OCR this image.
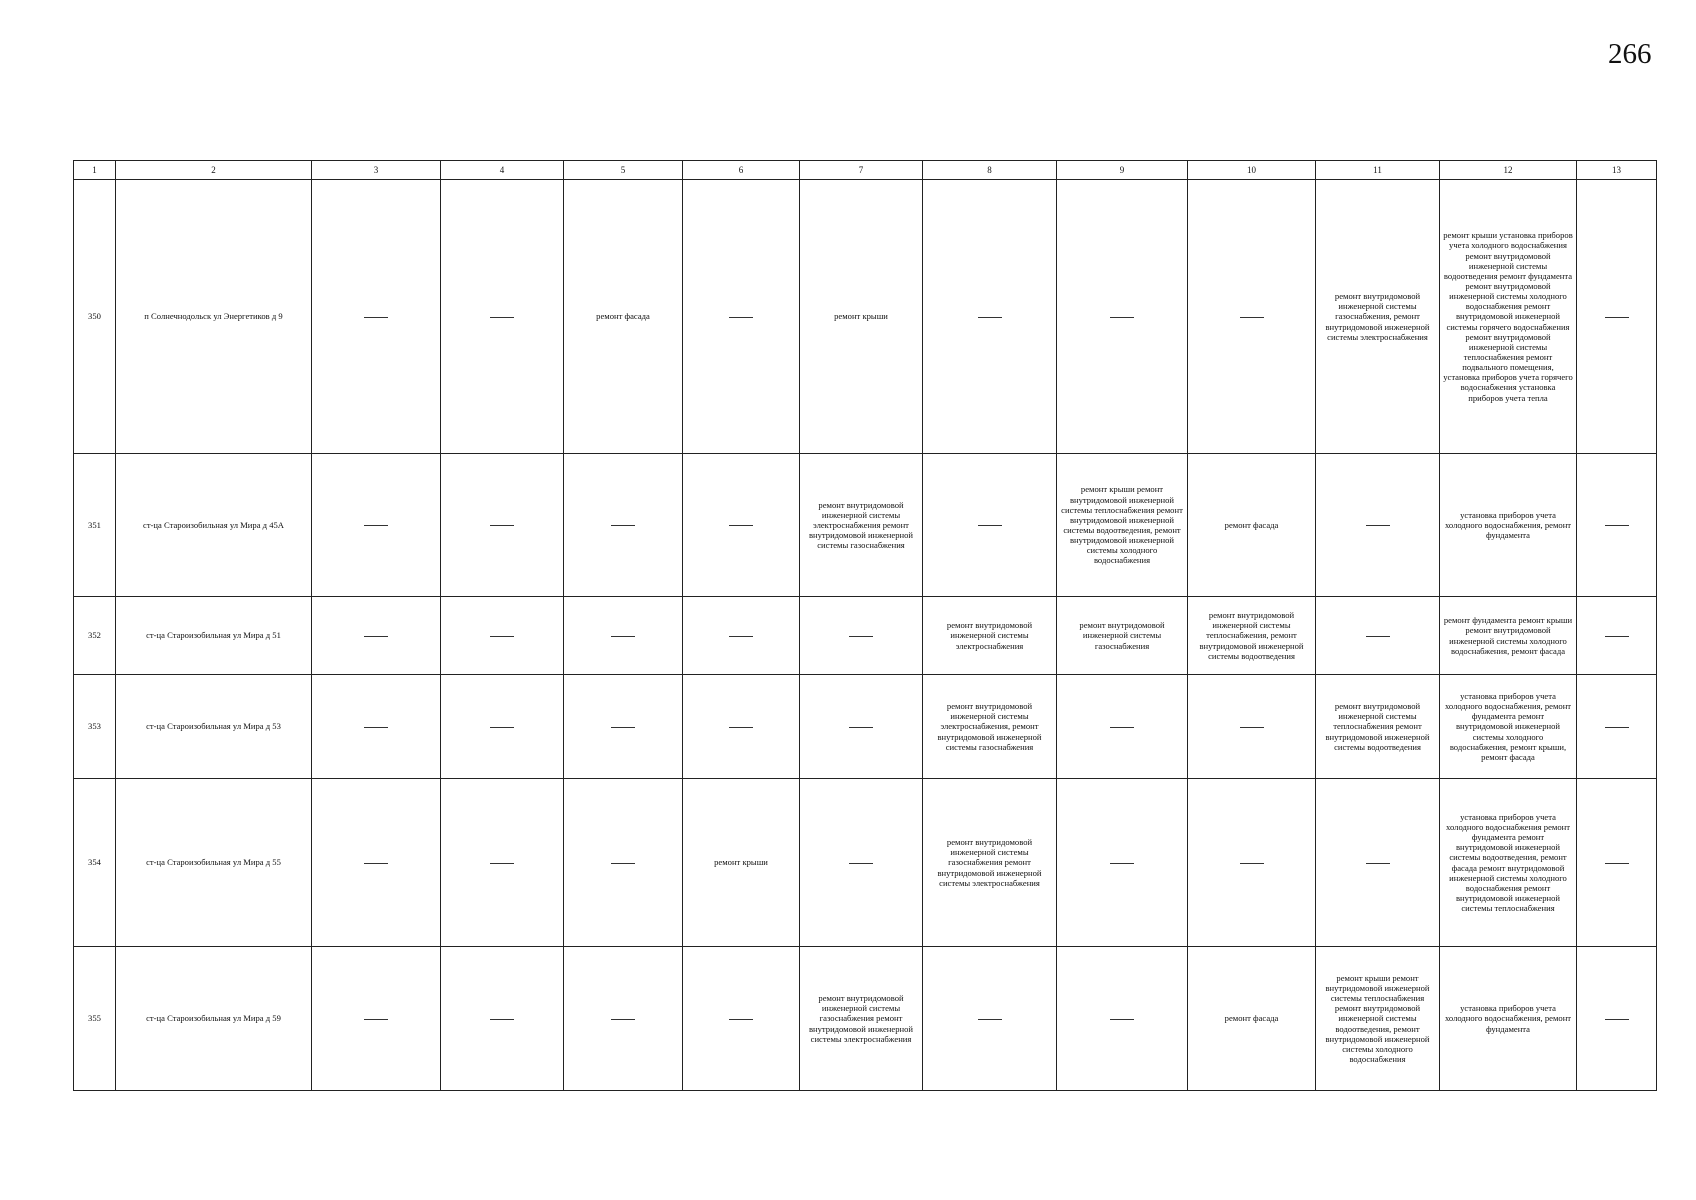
266
1	2	3	4	5	6	7	8	9	10	11	12	13
350	п Солнечнодольск ул Энергетиков д 9			ремонт фасада		ремонт крыши				ремонт внутридомовой инженерной системы газоснабжения, ремонт внутридомовой инженерной системы электроснабжения	ремонт крыши установка приборов учета холодного водоснабжения ремонт внутридомовой инженерной системы водоотведения ремонт фундамента ремонт внутридомовой инженерной системы холодного водоснабжения ремонт внутридомовой инженерной системы горячего водоснабжения ремонт внутридомовой инженерной системы теплоснабжения ремонт подвального помещения, установка приборов учета горячего водоснабжения установка приборов учета тепла	
351	ст-ца Староизобильная ул Мира д 45А					ремонт внутридомовой инженерной системы электроснабжения ремонт внутридомовой инженерной системы газоснабжения		ремонт крыши ремонт внутридомовой инженерной системы теплоснабжения ремонт внутридомовой инженерной системы водоотведения, ремонт внутридомовой инженерной системы холодного водоснабжения	ремонт фасада		установка приборов учета холодного водоснабжения, ремонт фундамента	
352	ст-ца Староизобильная ул Мира д 51						ремонт внутридомовой инженерной системы электроснабжения	ремонт внутридомовой инженерной системы газоснабжения	ремонт внутридомовой инженерной системы теплоснабжения, ремонт внутридомовой инженерной системы водоотведения		ремонт фундамента ремонт крыши ремонт внутридомовой инженерной системы холодного водоснабжения, ремонт фасада	
353	ст-ца Староизобильная ул Мира д 53						ремонт внутридомовой инженерной системы электроснабжения, ремонт внутридомовой инженерной системы газоснабжения			ремонт внутридомовой инженерной системы теплоснабжения ремонт внутридомовой инженерной системы водоотведения	установка приборов учета холодного водоснабжения, ремонт фундамента ремонт внутридомовой инженерной системы холодного водоснабжения, ремонт крыши, ремонт фасада	
354	ст-ца Староизобильная ул Мира д 55				ремонт крыши		ремонт внутридомовой инженерной системы газоснабжения ремонт внутридомовой инженерной системы электроснабжения				установка приборов учета холодного водоснабжения ремонт фундамента ремонт внутридомовой инженерной системы водоотведения, ремонт фасада ремонт внутридомовой инженерной системы холодного водоснабжения ремонт внутридомовой инженерной системы теплоснабжения	
355	ст-ца Староизобильная ул Мира д 59					ремонт внутридомовой инженерной системы газоснабжения ремонт внутридомовой инженерной системы электроснабжения			ремонт фасада	ремонт крыши ремонт внутридомовой инженерной системы теплоснабжения ремонт внутридомовой инженерной системы водоотведения, ремонт внутридомовой инженерной системы холодного водоснабжения	установка приборов учета холодного водоснабжения, ремонт фундамента	
